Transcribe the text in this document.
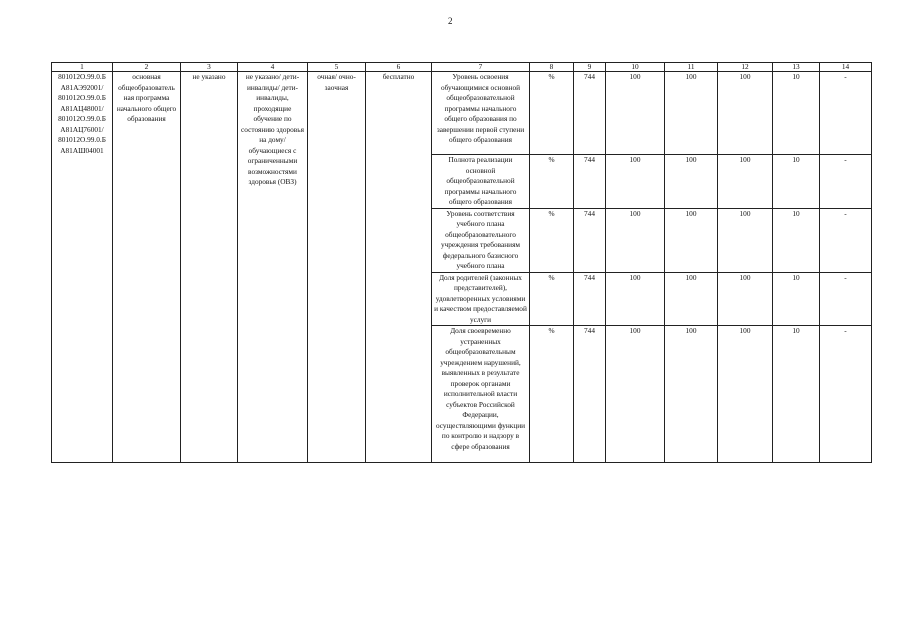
2
1	2	3	4	5	6	7	8	9	10	11	12	13	14
801012О.99.0.Б А81АЭ92001/ 801012О.99.0.Б А81АЦ48001/ 801012О.99.0.Б А81АЦ76001/ 801012О.99.0.Б А81АШ04001	основная общеобразователь ная программа начального общего образования	не указано	не указано/ дети-инвалиды/ дети-инвалиды, проходящие обучение по состоянию здоровья на дому/ обучающиеся с ограниченными возможностями здоровья (ОВЗ)	очная/ очно-заочная	бесплатно	Уровень освоения обучающимися основной общеобразовательной программы начального общего образования по завершении первой ступени общего образования	%	744	100	100	100	10	-
						Полнота реализации основной общеобразовательной программы начального общего образования	%	744	100	100	100	10	-
						Уровень соответствия учебного плана общеобразовательного учреждения требованиям федерального базисного учебного плана	%	744	100	100	100	10	-
						Доля родителей (законных представителей), удовлетворенных условиями и качеством предоставляемой услуги	%	744	100	100	100	10	-
						Доля своевременно устраненных общеобразовательным учреждением нарушений, выявленных в результате проверок органами исполнительной власти субъектов Российской Федерации, осуществляющими функции по контролю и надзору в сфере образования	%	744	100	100	100	10	-
